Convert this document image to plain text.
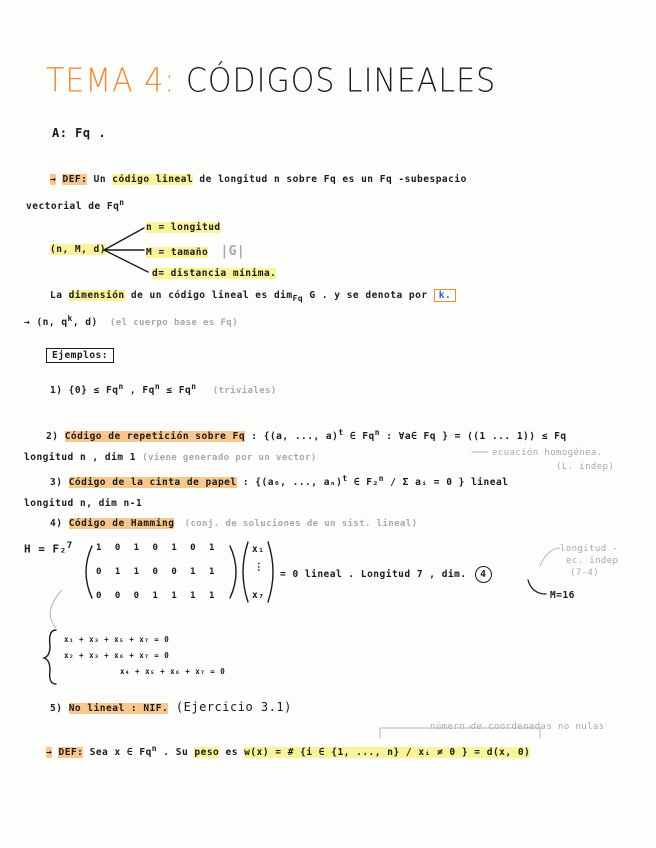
TEMA 4: CÓDIGOS LINEALES
A: Fq .
→ DEF: Un código lineal de longitud n sobre Fq es un Fq -subespacio
vectorial de Fq$^n$
(n, M, d)
n = longitud
M = tamaño |G|
d= distancia mínima.
La dimensión de un código lineal es dim$_{Fq}$ G . y se denota por k.
→ (n, $q^k$, d) (el cuerpo base es Fq)
Ejemplos:
1) $\{0\} \le Fq^n$ , $Fq^n \le Fq^n$ (triviales)
2) Código de repetición sobre Fq : {(a, ..., a)$^t$ ∈ Fq$^n$ : ∀a∈ Fq } = ⟨(1 ... 1)⟩ ≤ Fq
longitud n , dim 1 (viene generado por un vector)	ecuación homogénea.
(L. indep)
3) Código de la cinta de papel : {(a₀, ..., aₙ)$^t$ ∈ F₂$^n$ / Σ aᵢ = 0 } lineal
longitud n, dim n-1
4) Código de Hamming (conj. de soluciones de un sist. lineal)
H = F₂$^7$	1 0 1 0 1 0 1
0 1 1 0 0 1 1
0 0 0 1 1 1 1
x₁
⋮
x₇
= 0 lineal . Longitud 7 , dim. 4
longitud -
ec. indep
(7-4)
M=16
x₁ + x₃ + x₅ + x₇ = 0
x₂ + x₃ + x₆ + x₇ = 0
x₄ + x₅ + x₆ + x₇ = 0
5) No lineal : NIF. (Ejercicio 3.1)
número de coordenadas no nulas
→ DEF: Sea x ∈ Fq$^n$ . Su peso es w(x) = # {i ∈ {1, ..., n} / xᵢ ≠ 0 } = d(x, 0)
